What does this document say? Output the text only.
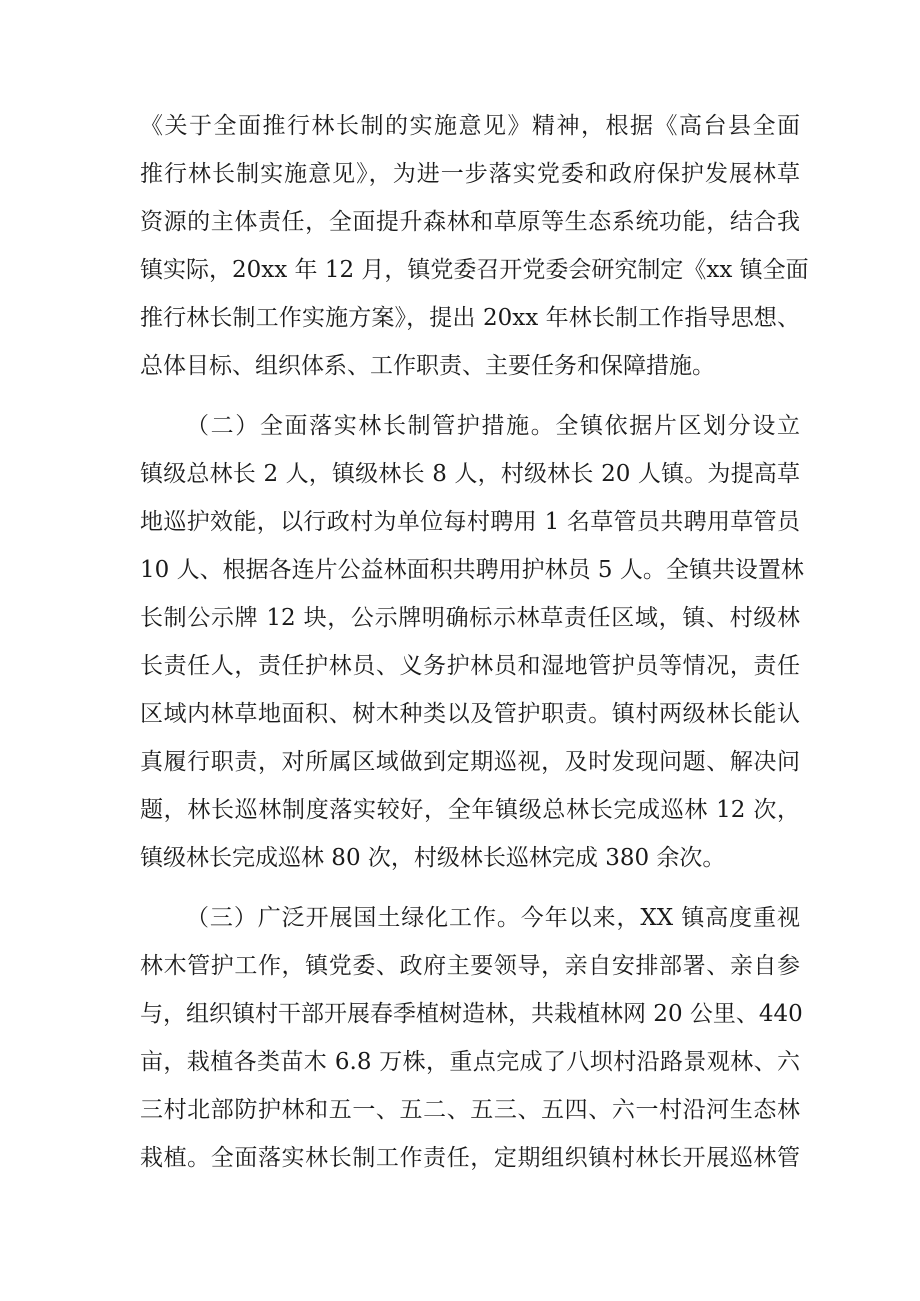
《关于全面推行林长制的实施意见》精神，根据《高台县全面
推行林长制实施意见》，为进一步落实党委和政府保护发展林草
资源的主体责任，全面提升森林和草原等生态系统功能，结合我
镇实际，20xx 年 12 月，镇党委召开党委会研究制定《xx 镇全面
推行林长制工作实施方案》，提出 20xx 年林长制工作指导思想、
总体目标、组织体系、工作职责、主要任务和保障措施。
（二）全面落实林长制管护措施。全镇依据片区划分设立
镇级总林长 2 人，镇级林长 8 人，村级林长 20 人镇。为提高草
地巡护效能，以行政村为单位每村聘用 1 名草管员共聘用草管员
10 人、根据各连片公益林面积共聘用护林员 5 人。全镇共设置林
长制公示牌 12 块，公示牌明确标示林草责任区域，镇、村级林
长责任人，责任护林员、义务护林员和湿地管护员等情况，责任
区域内林草地面积、树木种类以及管护职责。镇村两级林长能认
真履行职责，对所属区域做到定期巡视，及时发现问题、解决问
题，林长巡林制度落实较好，全年镇级总林长完成巡林 12 次，
镇级林长完成巡林 80 次，村级林长巡林完成 380 余次。
（三）广泛开展国土绿化工作。今年以来，XX 镇高度重视
林木管护工作，镇党委、政府主要领导，亲自安排部署、亲自参
与，组织镇村干部开展春季植树造林，共栽植林网 20 公里、440
亩，栽植各类苗木 6.8 万株，重点完成了八坝村沿路景观林、六
三村北部防护林和五一、五二、五三、五四、六一村沿河生态林
栽植。全面落实林长制工作责任，定期组织镇村林长开展巡林管
